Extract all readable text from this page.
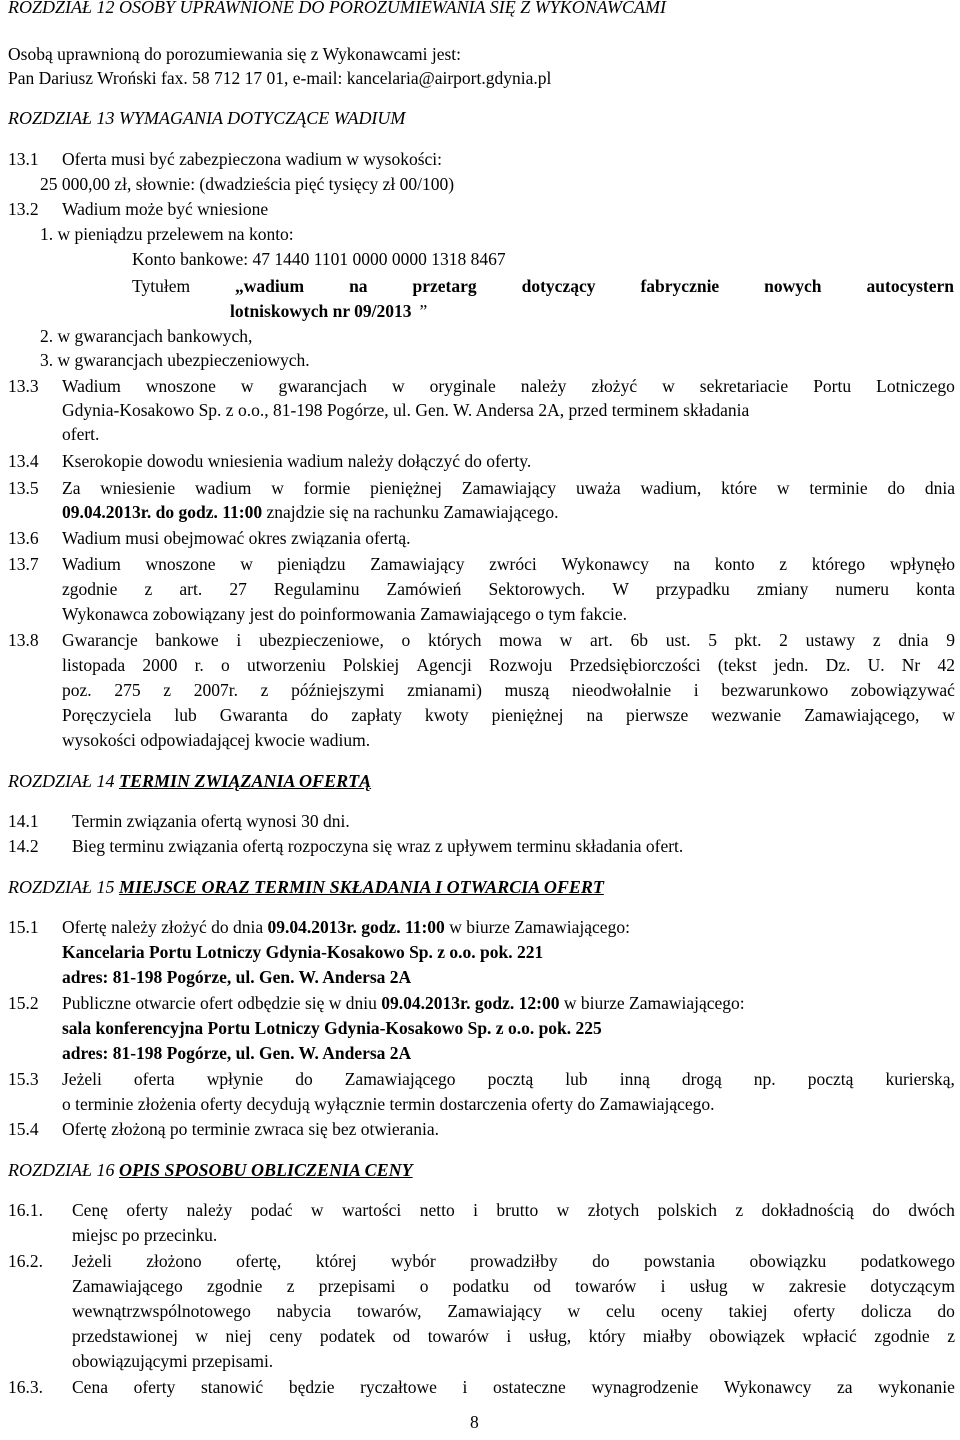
ROZDZIAŁ 12 OSOBY UPRAWNIONE DO POROZUMIEWANIA SIĘ Z WYKONAWCAMI
Osobą uprawnioną do porozumiewania się z Wykonawcami jest:
Pan Dariusz Wroński fax. 58 712 17 01, e-mail: kancelaria@airport.gdynia.pl
ROZDZIAŁ 13 WYMAGANIA DOTYCZĄCE WADIUM
13.1 Oferta musi być zabezpieczona wadium w wysokości:
25 000,00 zł, słownie: (dwadzieścia pięć tysięcy zł 00/100)
13.2 Wadium może być wniesione
1. w pieniądzu przelewem na konto:
Konto bankowe: 47 1440 1101 0000 0000 1318 8467
Tytułem	„wadium	na	przetarg	dotyczący	fabrycznie	nowych	autocystern
lotniskowych nr 09/2013 ”
2. w gwarancjach bankowych,
3. w gwarancjach ubezpieczeniowych.
13.3 Wadium wnoszone w gwarancjach w oryginale należy złożyć w sekretariacie Portu Lotniczego
Gdynia-Kosakowo Sp. z o.o., 81-198 Pogórze, ul. Gen. W. Andersa 2A, przed terminem składania
ofert.
13.4 Kserokopie dowodu wniesienia wadium należy dołączyć do oferty.
13.5 Za wniesienie wadium w formie pieniężnej Zamawiający uważa wadium, które w terminie do dnia
09.04.2013r. do godz. 11:00 znajdzie się na rachunku Zamawiającego.
13.6 Wadium musi obejmować okres związania ofertą.
13.7 Wadium wnoszone w pieniądzu Zamawiający zwróci Wykonawcy na konto z którego wpłynęło
zgodnie z art. 27 Regulaminu Zamówień Sektorowych. W przypadku zmiany numeru konta
Wykonawca zobowiązany jest do poinformowania Zamawiającego o tym fakcie.
13.8 Gwarancje bankowe i ubezpieczeniowe, o których mowa w art. 6b ust. 5 pkt. 2 ustawy z dnia 9
listopada 2000 r. o utworzeniu Polskiej Agencji Rozwoju Przedsiębiorczości (tekst jedn. Dz. U. Nr 42
poz. 275 z 2007r. z późniejszymi zmianami) muszą nieodwołalnie i bezwarunkowo zobowiązywać
Poręczyciela lub Gwaranta do zapłaty kwoty pieniężnej na pierwsze wezwanie Zamawiającego, w
wysokości odpowiadającej kwocie wadium.
ROZDZIAŁ 14 TERMIN ZWIĄZANIA OFERTĄ
14.1 Termin związania ofertą wynosi 30 dni.
14.2 Bieg terminu związania ofertą rozpoczyna się wraz z upływem terminu składania ofert.
ROZDZIAŁ 15 MIEJSCE ORAZ TERMIN SKŁADANIA I OTWARCIA OFERT
15.1 Ofertę należy złożyć do dnia 09.04.2013r. godz. 11:00 w biurze Zamawiającego:
Kancelaria Portu Lotniczy Gdynia-Kosakowo Sp. z o.o. pok. 221
adres: 81-198 Pogórze, ul. Gen. W. Andersa 2A
15.2 Publiczne otwarcie ofert odbędzie się w dniu 09.04.2013r. godz. 12:00 w biurze Zamawiającego:
sala konferencyjna Portu Lotniczy Gdynia-Kosakowo Sp. z o.o. pok. 225
adres: 81-198 Pogórze, ul. Gen. W. Andersa 2A
15.3 Jeżeli oferta wpłynie do Zamawiającego pocztą lub inną drogą np. pocztą kurierską,
o terminie złożenia oferty decydują wyłącznie termin dostarczenia oferty do Zamawiającego.
15.4 Ofertę złożoną po terminie zwraca się bez otwierania.
ROZDZIAŁ 16 OPIS SPOSOBU OBLICZENIA CENY
16.1. Cenę oferty należy podać w wartości netto i brutto w złotych polskich z dokładnością do dwóch
miejsc po przecinku.
16.2. Jeżeli złożono ofertę, której wybór prowadziłby do powstania obowiązku podatkowego
Zamawiającego zgodnie z przepisami o podatku od towarów i usług w zakresie dotyczącym
wewnątrzwspólnotowego nabycia towarów, Zamawiający w celu oceny takiej oferty dolicza do
przedstawionej w niej ceny podatek od towarów i usług, który miałby obowiązek wpłacić zgodnie z
obowiązującymi przepisami.
16.3. Cena oferty stanowić będzie ryczałtowe i ostateczne wynagrodzenie Wykonawcy za wykonanie
8
